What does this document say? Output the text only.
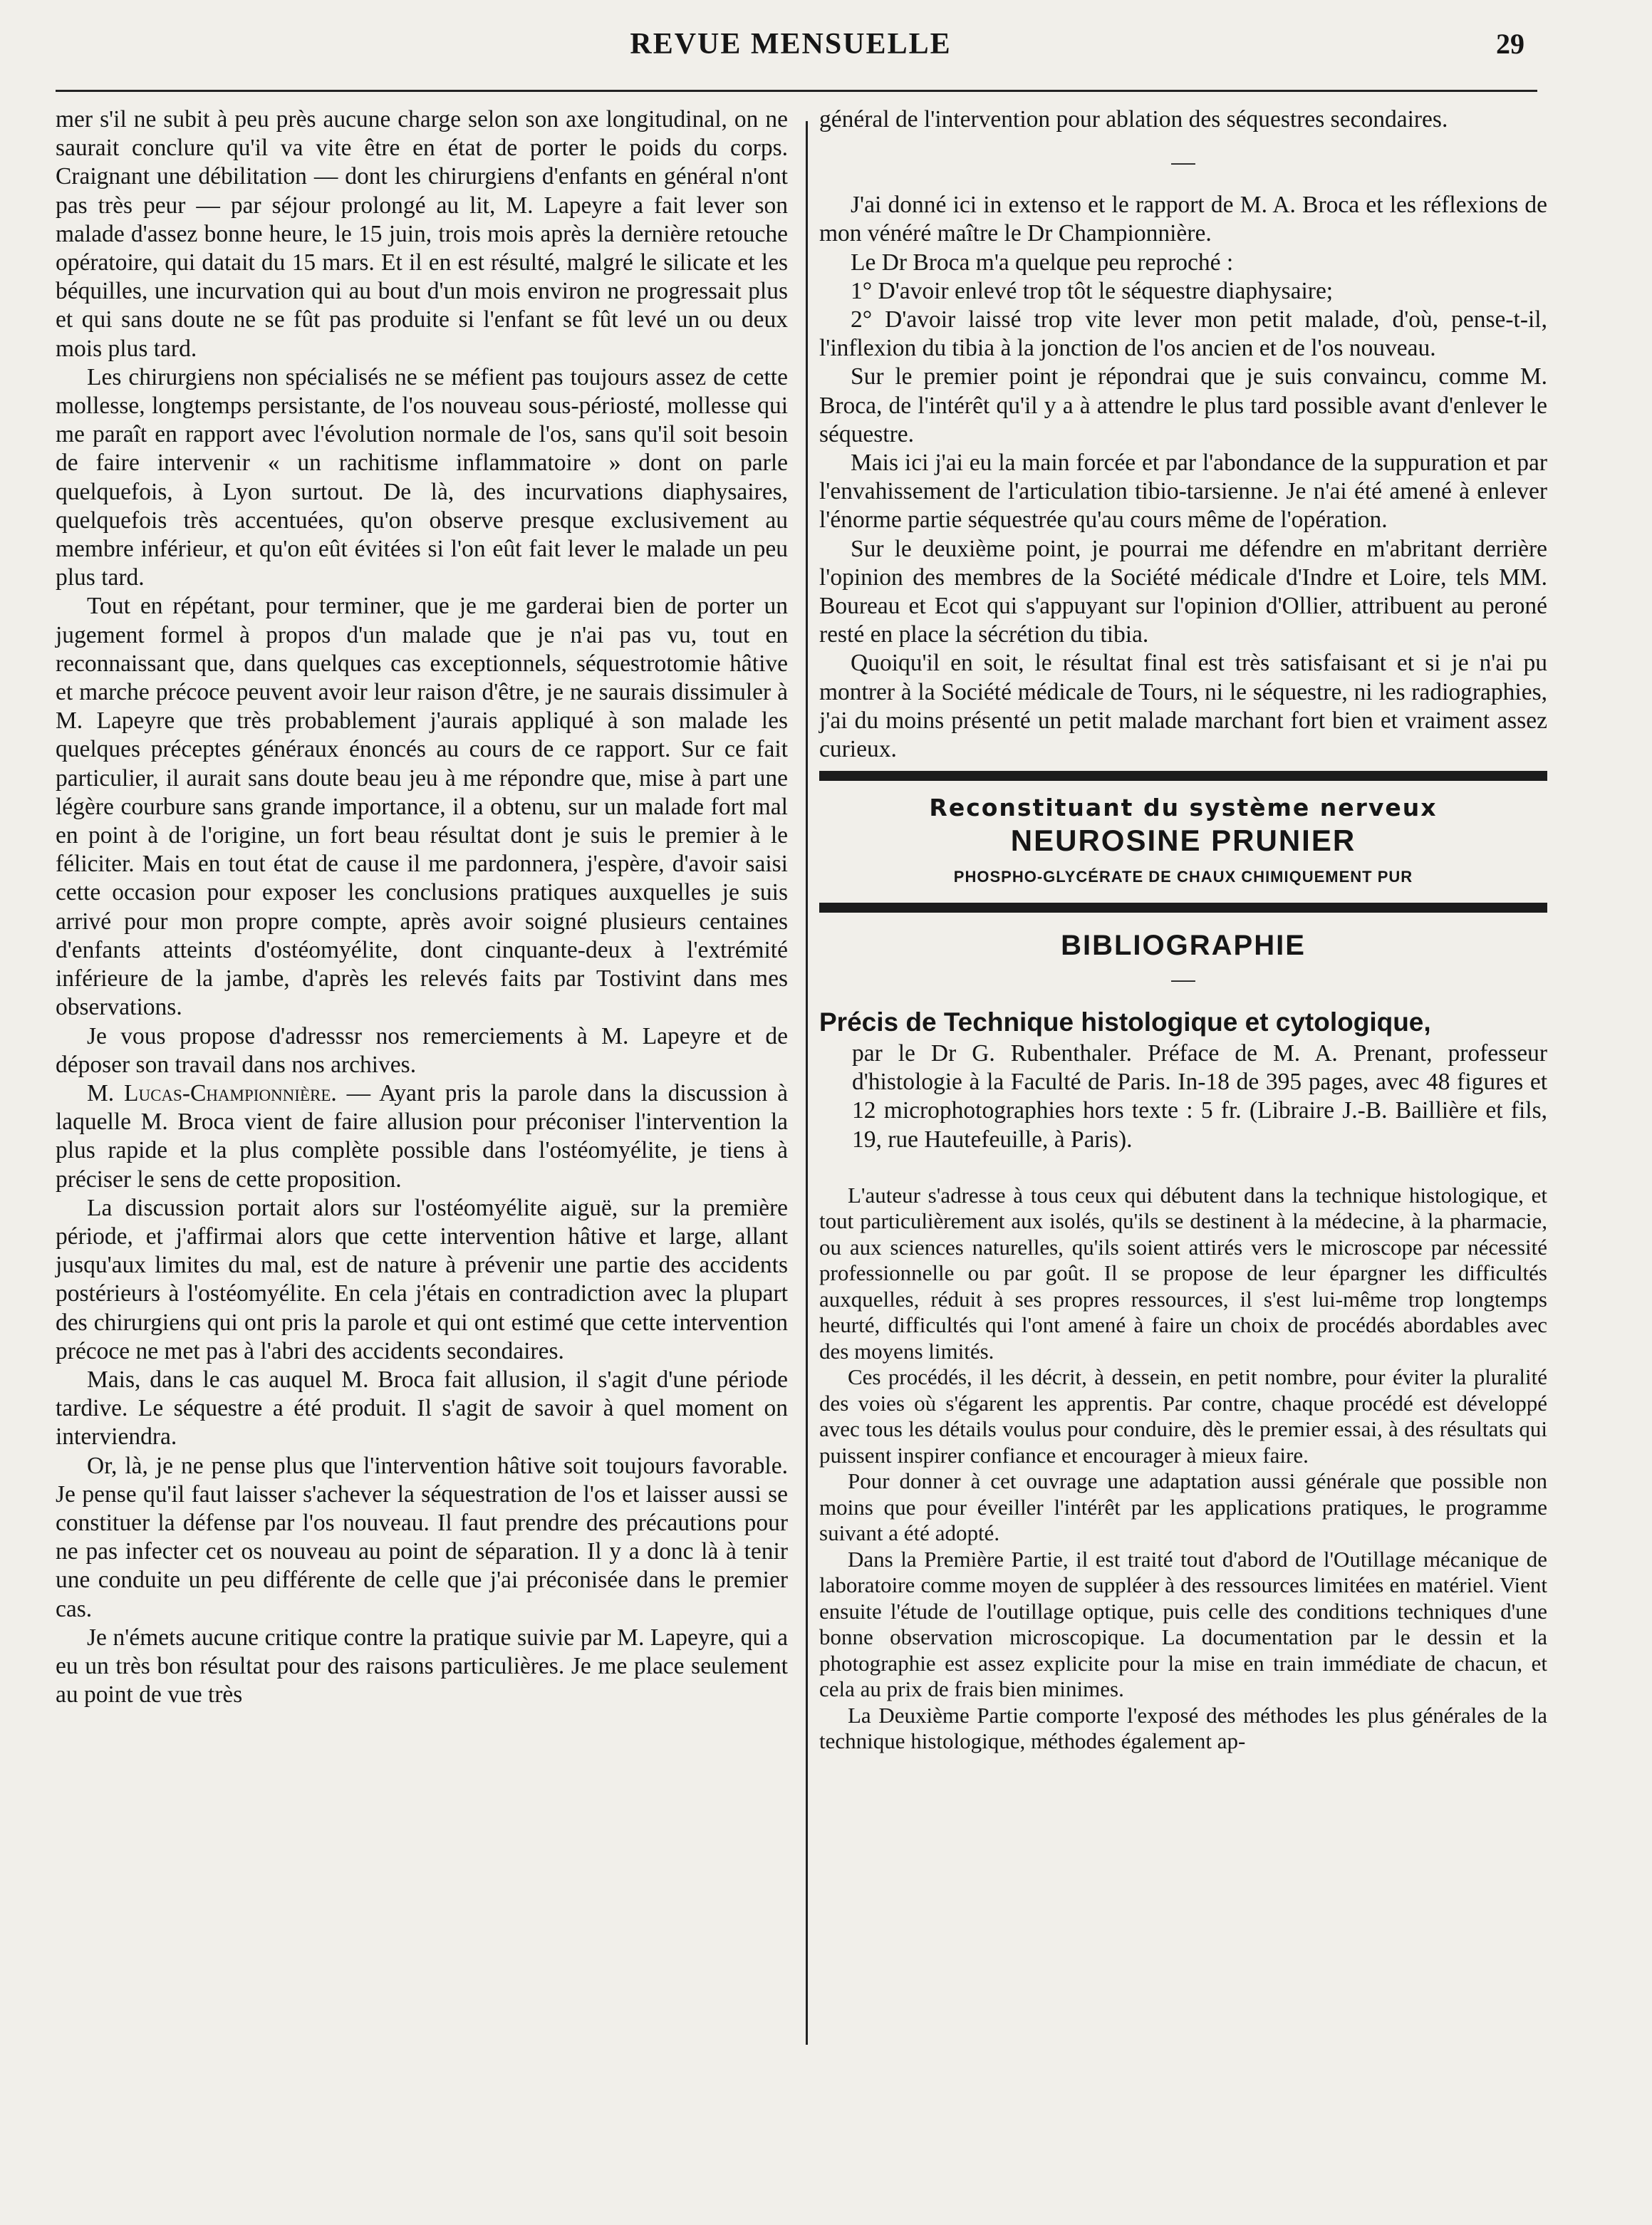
REVUE MENSUELLE	29

mer s'il ne subit à peu près aucune charge selon son axe longitudinal, on ne saurait conclure qu'il va vite être en état de porter le poids du corps. Craignant une débilitation — dont les chirurgiens d'enfants en général n'ont pas très peur — par séjour prolongé au lit, M. Lapeyre a fait lever son malade d'assez bonne heure, le 15 juin, trois mois après la dernière retouche opératoire, qui datait du 15 mars. Et il en est résulté, malgré le silicate et les béquilles, une incurvation qui au bout d'un mois environ ne progressait plus et qui sans doute ne se fût pas produite si l'enfant se fût levé un ou deux mois plus tard.

Les chirurgiens non spécialisés ne se méfient pas toujours assez de cette mollesse, longtemps persistante, de l'os nouveau sous-périosté, mollesse qui me paraît en rapport avec l'évolution normale de l'os, sans qu'il soit besoin de faire intervenir « un rachitisme inflammatoire » dont on parle quelquefois, à Lyon surtout. De là, des incurvations diaphysaires, quelquefois très accentuées, qu'on observe presque exclusivement au membre inférieur, et qu'on eût évitées si l'on eût fait lever le malade un peu plus tard.

Tout en répétant, pour terminer, que je me garderai bien de porter un jugement formel à propos d'un malade que je n'ai pas vu, tout en reconnaissant que, dans quelques cas exceptionnels, séquestrotomie hâtive et marche précoce peuvent avoir leur raison d'être, je ne saurais dissimuler à M. Lapeyre que très probablement j'aurais appliqué à son malade les quelques préceptes généraux énoncés au cours de ce rapport. Sur ce fait particulier, il aurait sans doute beau jeu à me répondre que, mise à part une légère courbure sans grande importance, il a obtenu, sur un malade fort mal en point à de l'origine, un fort beau résultat dont je suis le premier à le féliciter. Mais en tout état de cause il me pardonnera, j'espère, d'avoir saisi cette occasion pour exposer les conclusions pratiques auxquelles je suis arrivé pour mon propre compte, après avoir soigné plusieurs centaines d'enfants atteints d'ostéomyélite, dont cinquante-deux à l'extrémité inférieure de la jambe, d'après les relevés faits par Tostivint dans mes observations.

Je vous propose d'adresssr nos remerciements à M. Lapeyre et de déposer son travail dans nos archives.

M. Lucas-Championnière. — Ayant pris la parole dans la discussion à laquelle M. Broca vient de faire allusion pour préconiser l'intervention la plus rapide et la plus complète possible dans l'ostéomyélite, je tiens à préciser le sens de cette proposition.

La discussion portait alors sur l'ostéomyélite aiguë, sur la première période, et j'affirmai alors que cette intervention hâtive et large, allant jusqu'aux limites du mal, est de nature à prévenir une partie des accidents postérieurs à l'ostéomyélite. En cela j'étais en contradiction avec la plupart des chirurgiens qui ont pris la parole et qui ont estimé que cette intervention précoce ne met pas à l'abri des accidents secondaires.

Mais, dans le cas auquel M. Broca fait allusion, il s'agit d'une période tardive. Le séquestre a été produit. Il s'agit de savoir à quel moment on interviendra.

Or, là, je ne pense plus que l'intervention hâtive soit toujours favorable. Je pense qu'il faut laisser s'achever la séquestration de l'os et laisser aussi se constituer la défense par l'os nouveau. Il faut prendre des précautions pour ne pas infecter cet os nouveau au point de séparation. Il y a donc là à tenir une conduite un peu différente de celle que j'ai préconisée dans le premier cas.

Je n'émets aucune critique contre la pratique suivie par M. Lapeyre, qui a eu un très bon résultat pour des raisons particulières. Je me place seulement au point de vue très

général de l'intervention pour ablation des séquestres secondaires.

—

J'ai donné ici in extenso et le rapport de M. A. Broca et les réflexions de mon vénéré maître le Dr Championnière.

Le Dr Broca m'a quelque peu reproché :

1° D'avoir enlevé trop tôt le séquestre diaphysaire;

2° D'avoir laissé trop vite lever mon petit malade, d'où, pense-t-il, l'inflexion du tibia à la jonction de l'os ancien et de l'os nouveau.

Sur le premier point je répondrai que je suis convaincu, comme M. Broca, de l'intérêt qu'il y a à attendre le plus tard possible avant d'enlever le séquestre.

Mais ici j'ai eu la main forcée et par l'abondance de la suppuration et par l'envahissement de l'articulation tibio-tarsienne. Je n'ai été amené à enlever l'énorme partie séquestrée qu'au cours même de l'opération.

Sur le deuxième point, je pourrai me défendre en m'abritant derrière l'opinion des membres de la Société médicale d'Indre et Loire, tels MM. Boureau et Ecot qui s'appuyant sur l'opinion d'Ollier, attribuent au peroné resté en place la sécrétion du tibia.

Quoiqu'il en soit, le résultat final est très satisfaisant et si je n'ai pu montrer à la Société médicale de Tours, ni le séquestre, ni les radiographies, j'ai du moins présenté un petit malade marchant fort bien et vraiment assez curieux.

Reconstituant du système nerveux
NEUROSINE PRUNIER
PHOSPHO-GLYCÉRATE DE CHAUX CHIMIQUEMENT PUR
BIBLIOGRAPHIE
—
Précis de Technique histologique et cytologique,
par le Dr G. Rubenthaler. Préface de M. A. Prenant, professeur d'histologie à la Faculté de Paris. In-18 de 395 pages, avec 48 figures et 12 microphotographies hors texte : 5 fr. (Libraire J.-B. Baillière et fils, 19, rue Hautefeuille, à Paris).

L'auteur s'adresse à tous ceux qui débutent dans la technique histologique, et tout particulièrement aux isolés, qu'ils se destinent à la médecine, à la pharmacie, ou aux sciences naturelles, qu'ils soient attirés vers le microscope par nécessité professionnelle ou par goût. Il se propose de leur épargner les difficultés auxquelles, réduit à ses propres ressources, il s'est lui-même trop longtemps heurté, difficultés qui l'ont amené à faire un choix de procédés abordables avec des moyens limités.

Ces procédés, il les décrit, à dessein, en petit nombre, pour éviter la pluralité des voies où s'égarent les apprentis. Par contre, chaque procédé est développé avec tous les détails voulus pour conduire, dès le premier essai, à des résultats qui puissent inspirer confiance et encourager à mieux faire.

Pour donner à cet ouvrage une adaptation aussi générale que possible non moins que pour éveiller l'intérêt par les applications pratiques, le programme suivant a été adopté.

Dans la Première Partie, il est traité tout d'abord de l'Outillage mécanique de laboratoire comme moyen de suppléer à des ressources limitées en matériel. Vient ensuite l'étude de l'outillage optique, puis celle des conditions techniques d'une bonne observation microscopique. La documentation par le dessin et la photographie est assez explicite pour la mise en train immédiate de chacun, et cela au prix de frais bien minimes.

La Deuxième Partie comporte l'exposé des méthodes les plus générales de la technique histologique, méthodes également ap-
